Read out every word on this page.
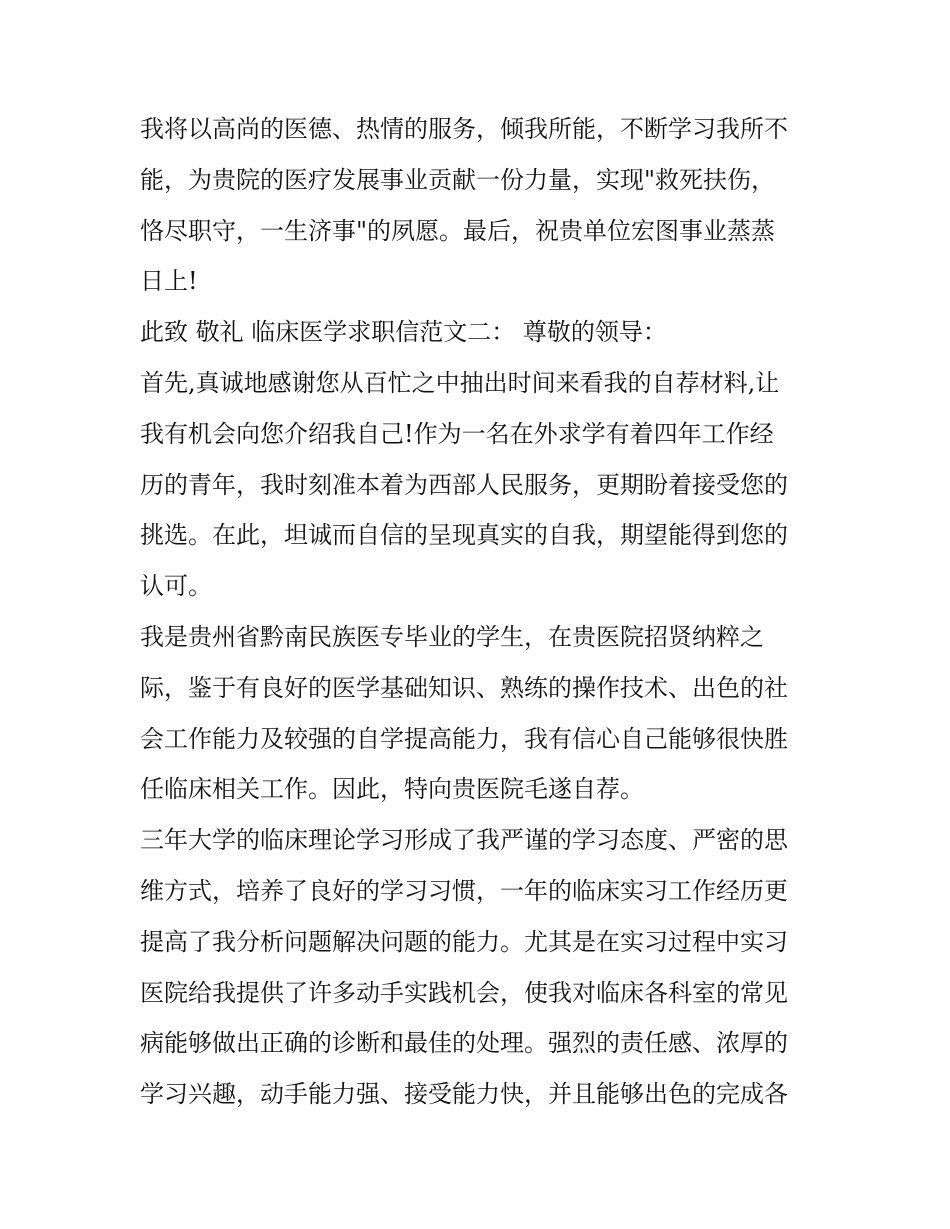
我将以高尚的医德、热情的服务，倾我所能，不断学习我所不
能，为贵院的医疗发展事业贡献一份力量，实现"救死扶伤，
恪尽职守，一生济事"的夙愿。最后，祝贵单位宏图事业蒸蒸
日上!
此致 敬礼 临床医学求职信范文二： 尊敬的领导：
首先,真诚地感谢您从百忙之中抽出时间来看我的自荐材料,让
我有机会向您介绍我自己!作为一名在外求学有着四年工作经
历的青年，我时刻准本着为西部人民服务，更期盼着接受您的
挑选。在此，坦诚而自信的呈现真实的自我，期望能得到您的
认可。
我是贵州省黔南民族医专毕业的学生，在贵医院招贤纳粹之
际，鉴于有良好的医学基础知识、熟练的操作技术、出色的社
会工作能力及较强的自学提高能力，我有信心自己能够很快胜
任临床相关工作。因此，特向贵医院毛遂自荐。
三年大学的临床理论学习形成了我严谨的学习态度、严密的思
维方式，培养了良好的学习习惯，一年的临床实习工作经历更
提高了我分析问题解决问题的能力。尤其是在实习过程中实习
医院给我提供了许多动手实践机会，使我对临床各科室的常见
病能够做出正确的诊断和最佳的处理。强烈的责任感、浓厚的
学习兴趣，动手能力强、接受能力快，并且能够出色的完成各
